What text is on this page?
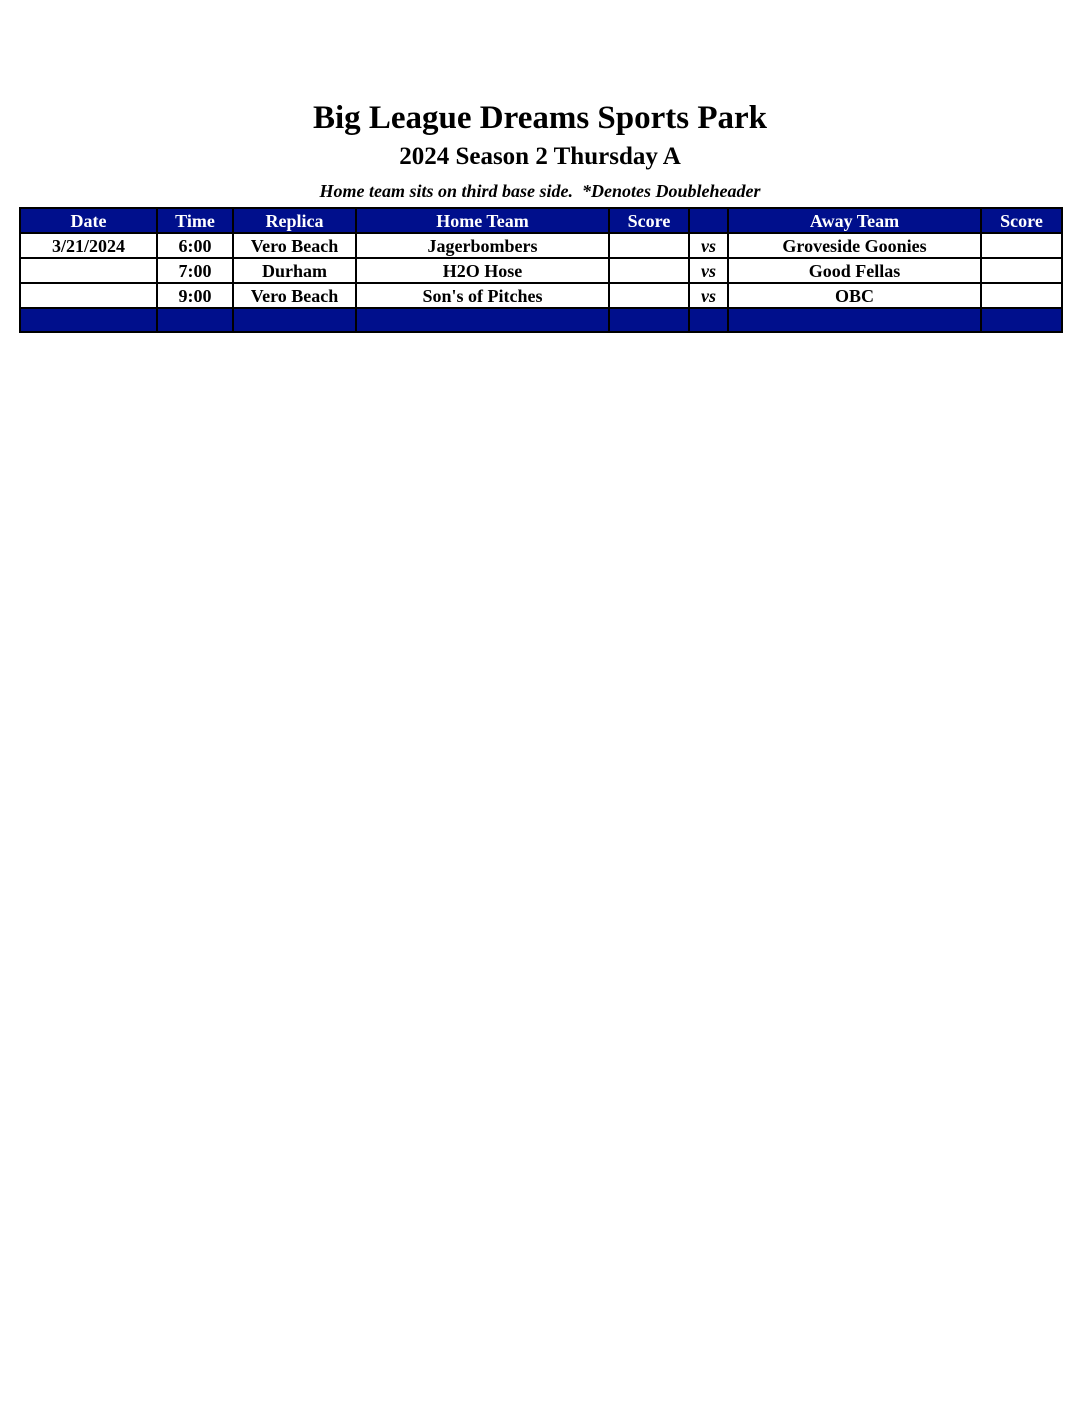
Big League Dreams Sports Park
2024 Season 2 Thursday A
Home team sits on third base side.  *Denotes Doubleheader
Date	Time	Replica	Home Team	Score		Away Team	Score
3/21/2024	6:00	Vero Beach	Jagerbombers		vs	Groveside Goonies	
	7:00	Durham	H2O Hose		vs	Good Fellas	
	9:00	Vero Beach	Son's of Pitches		vs	OBC	
